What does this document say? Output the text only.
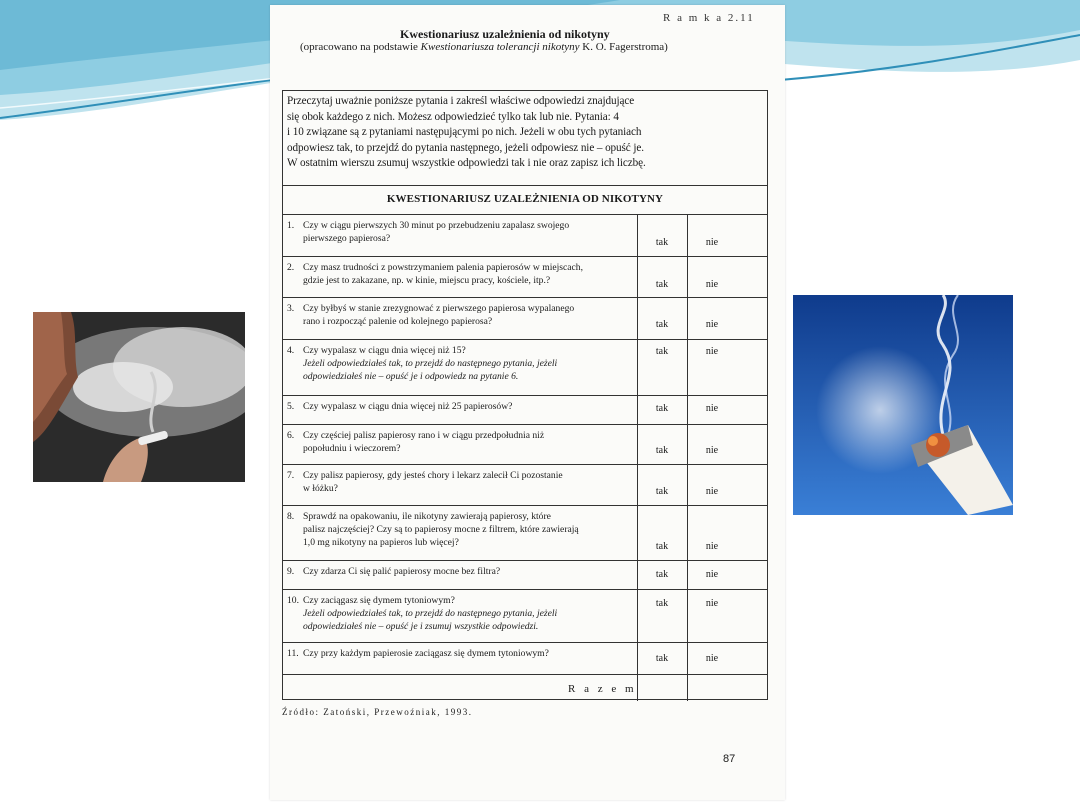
R a m k a 2.11
Kwestionariusz uzależnienia od nikotyny
(opracowano na podstawie Kwestionariusza tolerancji nikotyny K. O. Fagerstroma)
Przeczytaj uważnie poniższe pytania i zakreśl właściwe odpowiedzi znajdujące
się obok każdego z nich. Możesz odpowiedzieć tylko tak lub nie. Pytania: 4
i 10 związane są z pytaniami następującymi po nich. Jeżeli w obu tych pytaniach
odpowiesz tak, to przejdź do pytania następnego, jeżeli odpowiesz nie – opuść je.
W ostatnim wierszu zsumuj wszystkie odpowiedzi tak i nie oraz zapisz ich liczbę.
KWESTIONARIUSZ UZALEŻNIENIA OD NIKOTYNY
1. Czy w ciągu pierwszych 30 minut po przebudzeniu zapalasz swojego
pierwszego papierosa?	tak	nie
2. Czy masz trudności z powstrzymaniem palenia papierosów w miejscach,
gdzie jest to zakazane, np. w kinie, miejscu pracy, kościele, itp.?	tak	nie
3. Czy byłbyś w stanie zrezygnować z pierwszego papierosa wypalanego
rano i rozpocząć palenie od kolejnego papierosa?	tak	nie
4. Czy wypalasz w ciągu dnia więcej niż 15?
Jeżeli odpowiedziałeś tak, to przejdź do następnego pytania, jeżeli
odpowiedziałeś nie – opuść je i odpowiedz na pytanie 6.
tak	nie
5. Czy wypalasz w ciągu dnia więcej niż 25 papierosów?	tak	nie
6. Czy częściej palisz papierosy rano i w ciągu przedpołudnia niż
popołudniu i wieczorem?	tak	nie
7. Czy palisz papierosy, gdy jesteś chory i lekarz zalecił Ci pozostanie
w łóżku?	tak	nie
8. Sprawdź na opakowaniu, ile nikotyny zawierają papierosy, które
palisz najczęściej? Czy są to papierosy mocne z filtrem, które zawierają
1,0 mg nikotyny na papieros lub więcej?	tak	nie
9. Czy zdarza Ci się palić papierosy mocne bez filtra?	tak	nie
10. Czy zaciągasz się dymem tytoniowym?
Jeżeli odpowiedziałeś tak, to przejdź do następnego pytania, jeżeli
odpowiedziałeś nie – opuść je i zsumuj wszystkie odpowiedzi.
tak	nie
11. Czy przy każdym papierosie zaciągasz się dymem tytoniowym?	tak	nie
R a z e m
Źródło: Zatoński, Przewoźniak, 1993.
87
